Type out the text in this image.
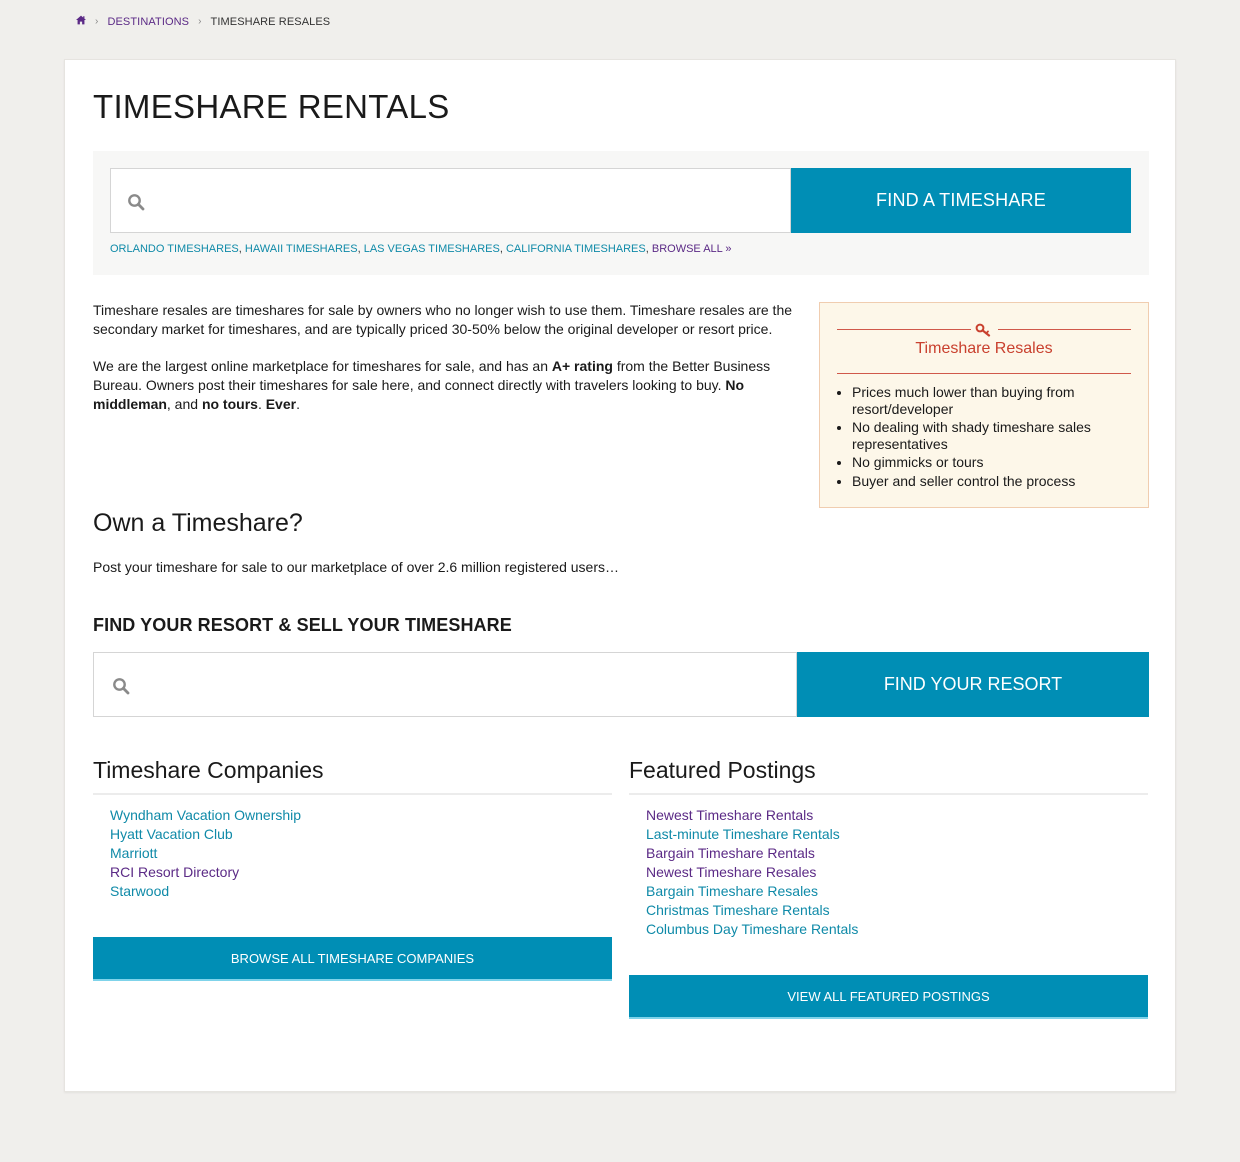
› DESTINATIONS › TIMESHARE RESALES
TIMESHARE RENTALS
FIND A TIMESHARE
ORLANDO TIMESHARES, HAWAII TIMESHARES, LAS VEGAS TIMESHARES, CALIFORNIA TIMESHARES, BROWSE ALL »

Timeshare resales are timeshares for sale by owners who no longer wish to use them. Timeshare resales are the secondary market for timeshares, and are typically priced 30-50% below the original developer or resort price.

We are the largest online marketplace for timeshares for sale, and has an A+ rating from the Better Business Bureau. Owners post their timeshares for sale here, and connect directly with travelers looking to buy. No middleman, and no tours. Ever.

Timeshare Resales
• Prices much lower than buying from resort/developer
• No dealing with shady timeshare sales representatives
• No gimmicks or tours
• Buyer and seller control the process
Own a Timeshare?

Post your timeshare for sale to our marketplace of over 2.6 million registered users…

FIND YOUR RESORT & SELL YOUR TIMESHARE
FIND YOUR RESORT
Timeshare Companies
Wyndham Vacation Ownership
Hyatt Vacation Club
Marriott
RCI Resort Directory
Starwood
BROWSE ALL TIMESHARE COMPANIES
Featured Postings
Newest Timeshare Rentals
Last-minute Timeshare Rentals
Bargain Timeshare Rentals
Newest Timeshare Resales
Bargain Timeshare Resales
Christmas Timeshare Rentals
Columbus Day Timeshare Rentals
VIEW ALL FEATURED POSTINGS
